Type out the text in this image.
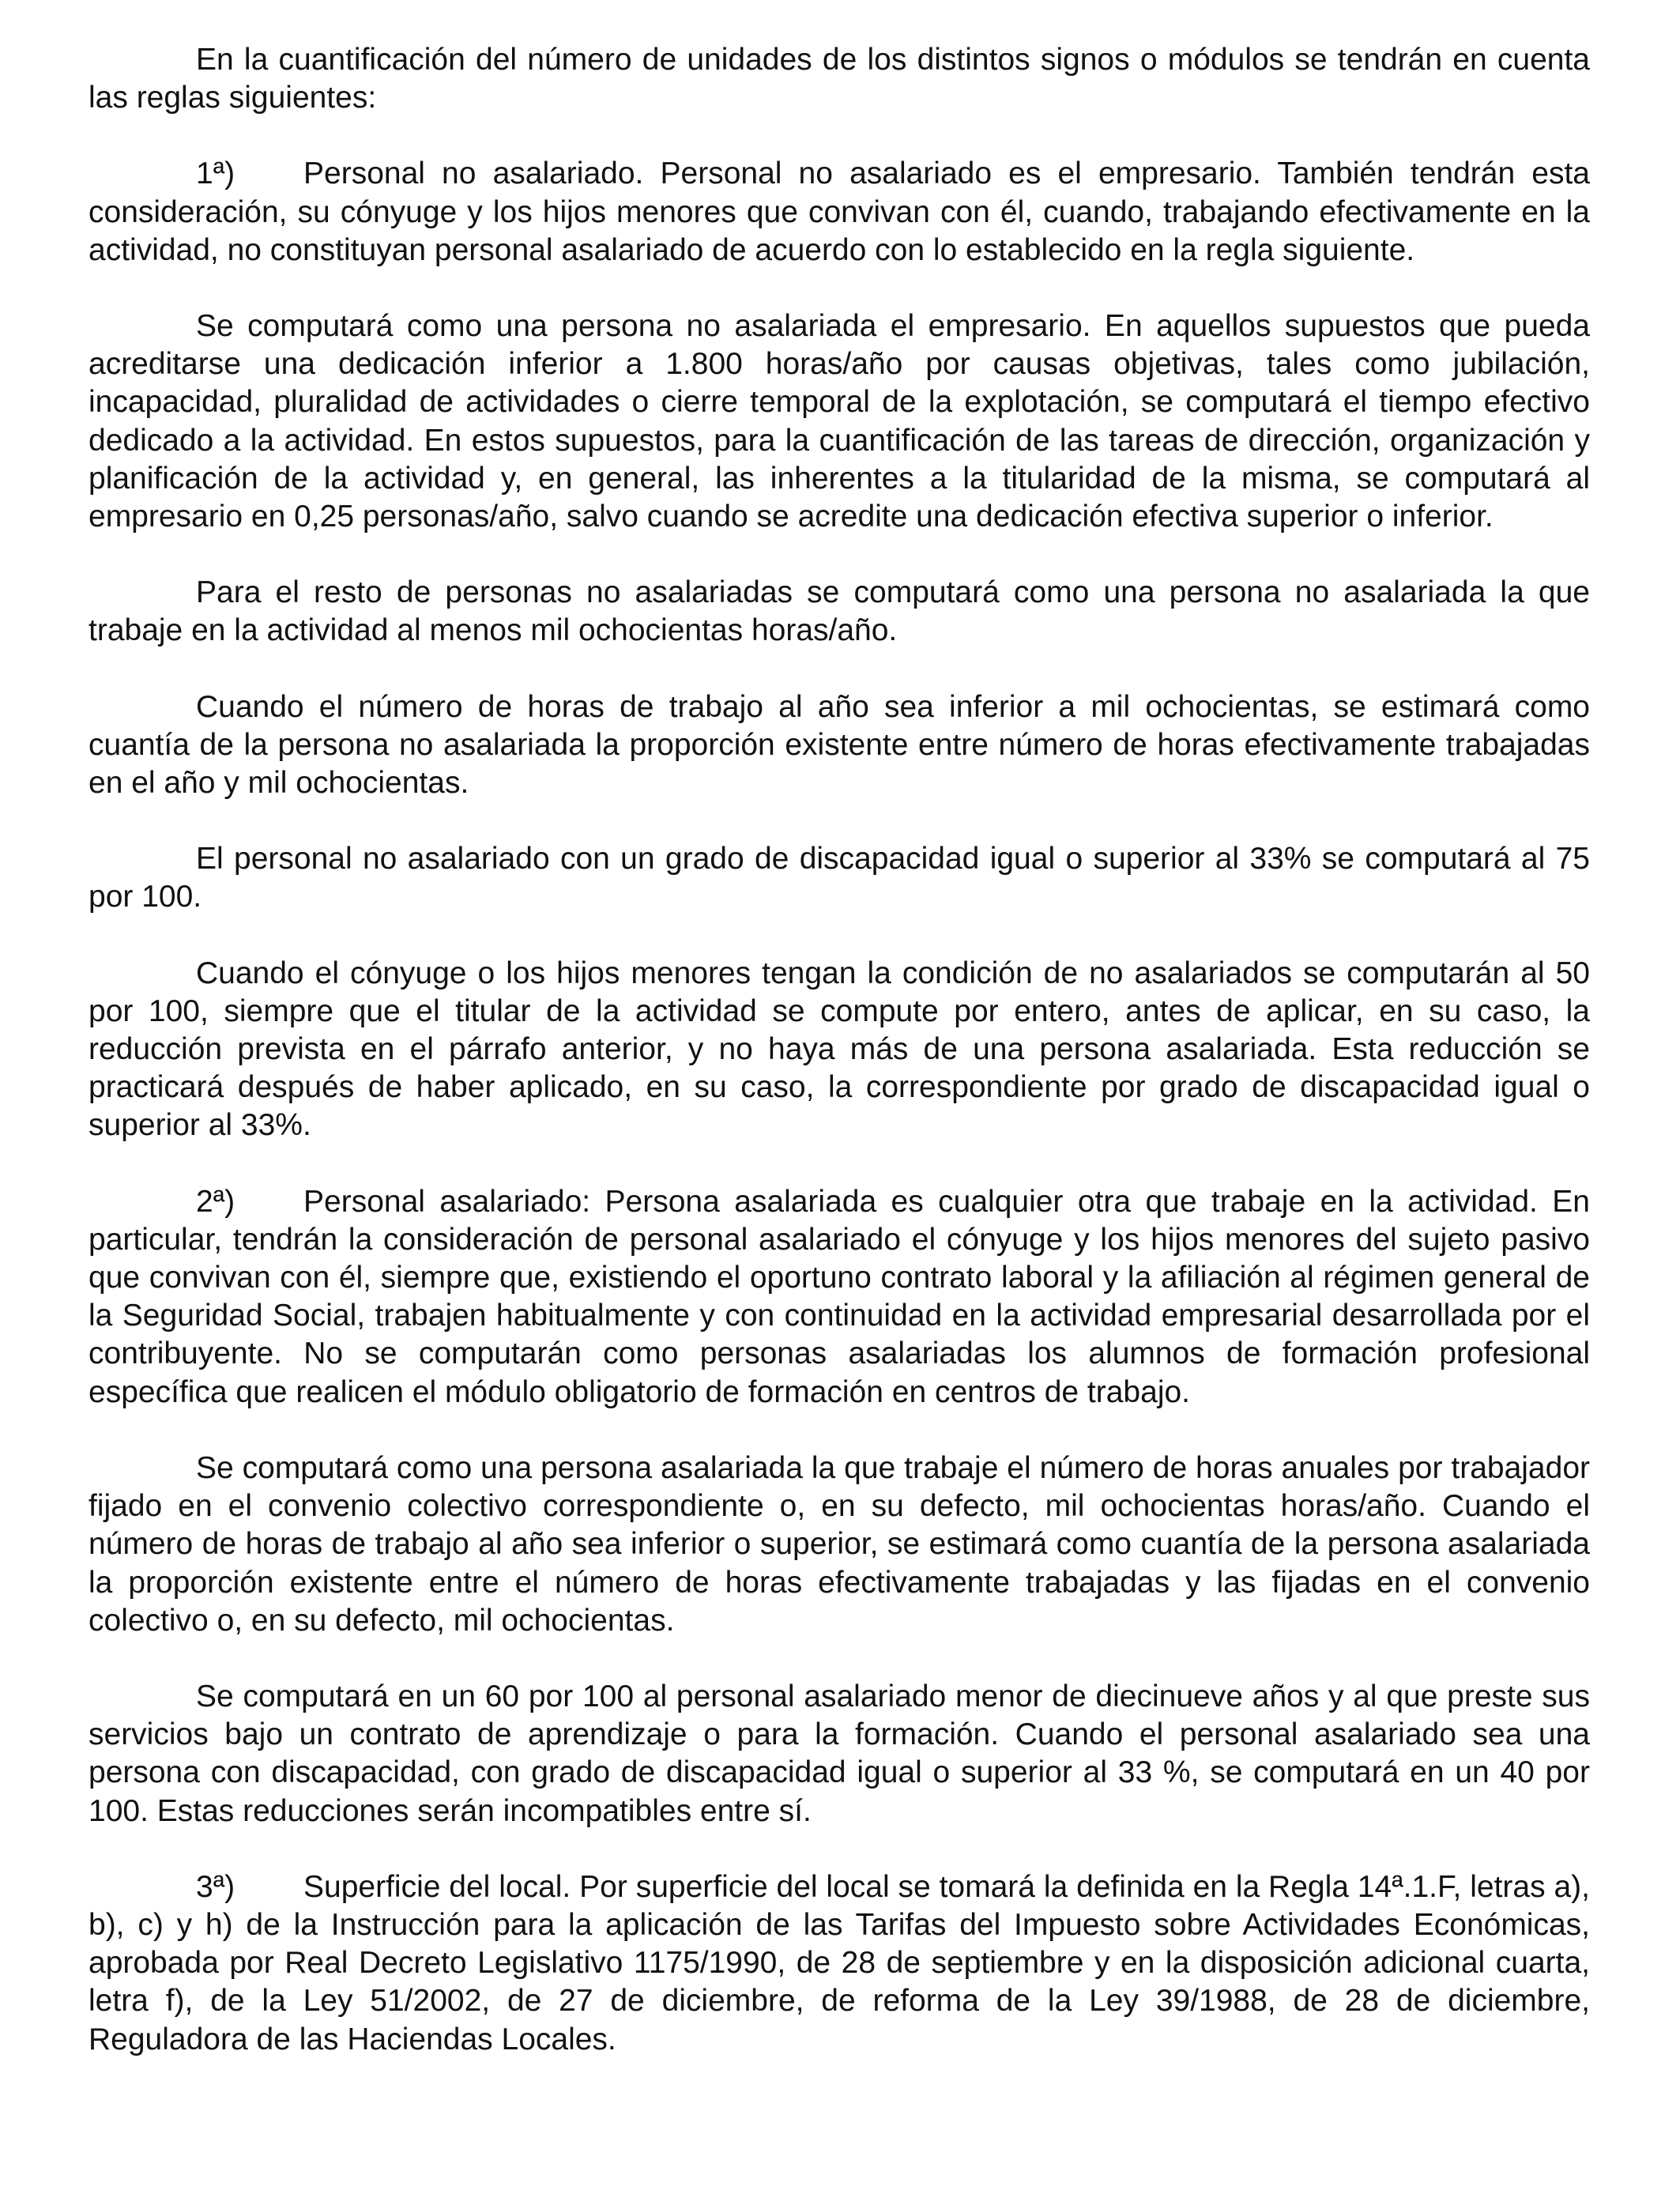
En la cuantificación del número de unidades de los distintos signos o módulos se tendrán en cuenta las reglas siguientes:

1ª) Personal no asalariado. Personal no asalariado es el empresario. También tendrán esta consideración, su cónyuge y los hijos menores que convivan con él, cuando, trabajando efectivamente en la actividad, no constituyan personal asalariado de acuerdo con lo establecido en la regla siguiente.

Se computará como una persona no asalariada el empresario. En aquellos supuestos que pueda acreditarse una dedicación inferior a 1.800 horas/año por causas objetivas, tales como jubilación, incapacidad, pluralidad de actividades o cierre temporal de la explotación, se computará el tiempo efectivo dedicado a la actividad. En estos supuestos, para la cuantificación de las tareas de dirección, organización y planificación de la actividad y, en general, las inherentes a la titularidad de la misma, se computará al empresario en 0,25 personas/año, salvo cuando se acredite una dedicación efectiva superior o inferior.

Para el resto de personas no asalariadas se computará como una persona no asalariada la que trabaje en la actividad al menos mil ochocientas horas/año.

Cuando el número de horas de trabajo al año sea inferior a mil ochocientas, se estimará como cuantía de la persona no asalariada la proporción existente entre número de horas efectivamente trabajadas en el año y mil ochocientas.

El personal no asalariado con un grado de discapacidad igual o superior al 33% se computará al 75 por 100.

Cuando el cónyuge o los hijos menores tengan la condición de no asalariados se computarán al 50 por 100, siempre que el titular de la actividad se compute por entero, antes de aplicar, en su caso, la reducción prevista en el párrafo anterior, y no haya más de una persona asalariada. Esta reducción se practicará después de haber aplicado, en su caso, la correspondiente por grado de discapacidad igual o superior al 33%.

2ª) Personal asalariado: Persona asalariada es cualquier otra que trabaje en la actividad. En particular, tendrán la consideración de personal asalariado el cónyuge y los hijos menores del sujeto pasivo que convivan con él, siempre que, existiendo el oportuno contrato laboral y la afiliación al régimen general de la Seguridad Social, trabajen habitualmente y con continuidad en la actividad empresarial desarrollada por el contribuyente. No se computarán como personas asalariadas los alumnos de formación profesional específica que realicen el módulo obligatorio de formación en centros de trabajo.

Se computará como una persona asalariada la que trabaje el número de horas anuales por trabajador fijado en el convenio colectivo correspondiente o, en su defecto, mil ochocientas horas/año. Cuando el número de horas de trabajo al año sea inferior o superior, se estimará como cuantía de la persona asalariada la proporción existente entre el número de horas efectivamente trabajadas y las fijadas en el convenio colectivo o, en su defecto, mil ochocientas.

Se computará en un 60 por 100 al personal asalariado menor de diecinueve años y al que preste sus servicios bajo un contrato de aprendizaje o para la formación. Cuando el personal asalariado sea una persona con discapacidad, con grado de discapacidad igual o superior al 33 %, se computará en un 40 por 100. Estas reducciones serán incompatibles entre sí.

3ª) Superficie del local. Por superficie del local se tomará la definida en la Regla 14ª.1.F, letras a), b), c) y h) de la Instrucción para la aplicación de las Tarifas del Impuesto sobre Actividades Económicas, aprobada por Real Decreto Legislativo 1175/1990, de 28 de septiembre y en la disposición adicional cuarta, letra f), de la Ley 51/2002, de 27 de diciembre, de reforma de la Ley 39/1988, de 28 de diciembre, Reguladora de las Haciendas Locales.
